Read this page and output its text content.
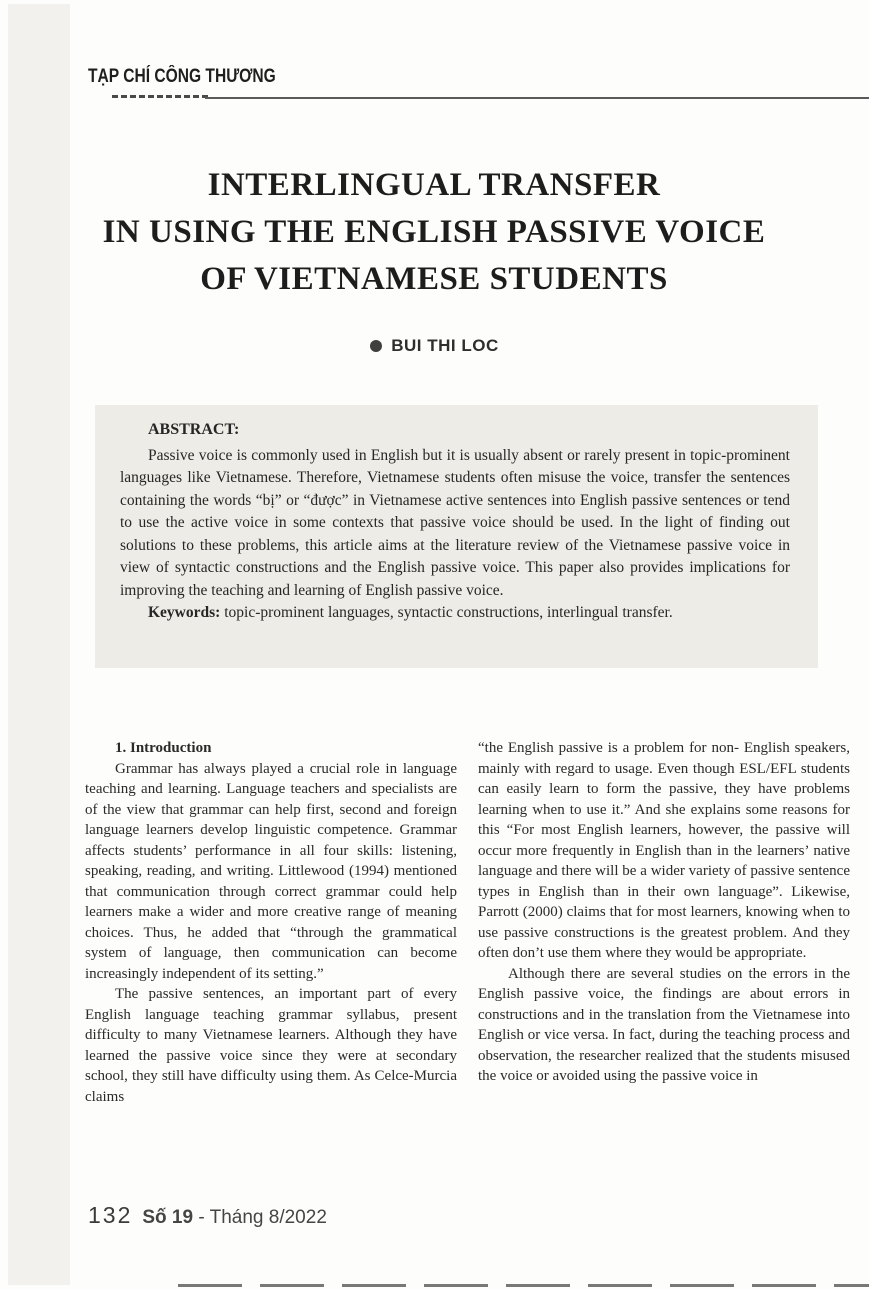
TẠP CHÍ CÔNG THƯƠNG
INTERLINGUAL TRANSFER
IN USING THE ENGLISH PASSIVE VOICE
OF VIETNAMESE STUDENTS
BUI THI LOC

ABSTRACT:

Passive voice is commonly used in English but it is usually absent or rarely present in topic-prominent languages like Vietnamese. Therefore, Vietnamese students often misuse the voice, transfer the sentences containing the words “bị” or “được” in Vietnamese active sentences into English passive sentences or tend to use the active voice in some contexts that passive voice should be used. In the light of finding out solutions to these problems, this article aims at the literature review of the Vietnamese passive voice in view of syntactic constructions and the English passive voice. This paper also provides implications for improving the teaching and learning of English passive voice.

Keywords: topic-prominent languages, syntactic constructions, interlingual transfer.

1. Introduction

Grammar has always played a crucial role in language teaching and learning. Language teachers and specialists are of the view that grammar can help first, second and foreign language learners develop linguistic competence. Grammar affects students’ performance in all four skills: listening, speaking, reading, and writing. Littlewood (1994) mentioned that communication through correct grammar could help learners make a wider and more creative range of meaning choices. Thus, he added that “through the grammatical system of language, then communication can become increasingly independent of its setting.”

The passive sentences, an important part of every English language teaching grammar syllabus, present difficulty to many Vietnamese learners. Although they have learned the passive voice since they were at secondary school, they still have difficulty using them. As Celce-Murcia claims

“the English passive is a problem for non- English speakers, mainly with regard to usage. Even though ESL/EFL students can easily learn to form the passive, they have problems learning when to use it.” And she explains some reasons for this “For most English learners, however, the passive will occur more frequently in English than in the learners’ native language and there will be a wider variety of passive sentence types in English than in their own language”. Likewise, Parrott (2000) claims that for most learners, knowing when to use passive constructions is the greatest problem. And they often don’t use them where they would be appropriate.

Although there are several studies on the errors in the English passive voice, the findings are about errors in constructions and in the translation from the Vietnamese into English or vice versa. In fact, during the teaching process and observation, the researcher realized that the students misused the voice or avoided using the passive voice in

132 Số 19 - Tháng 8/2022
